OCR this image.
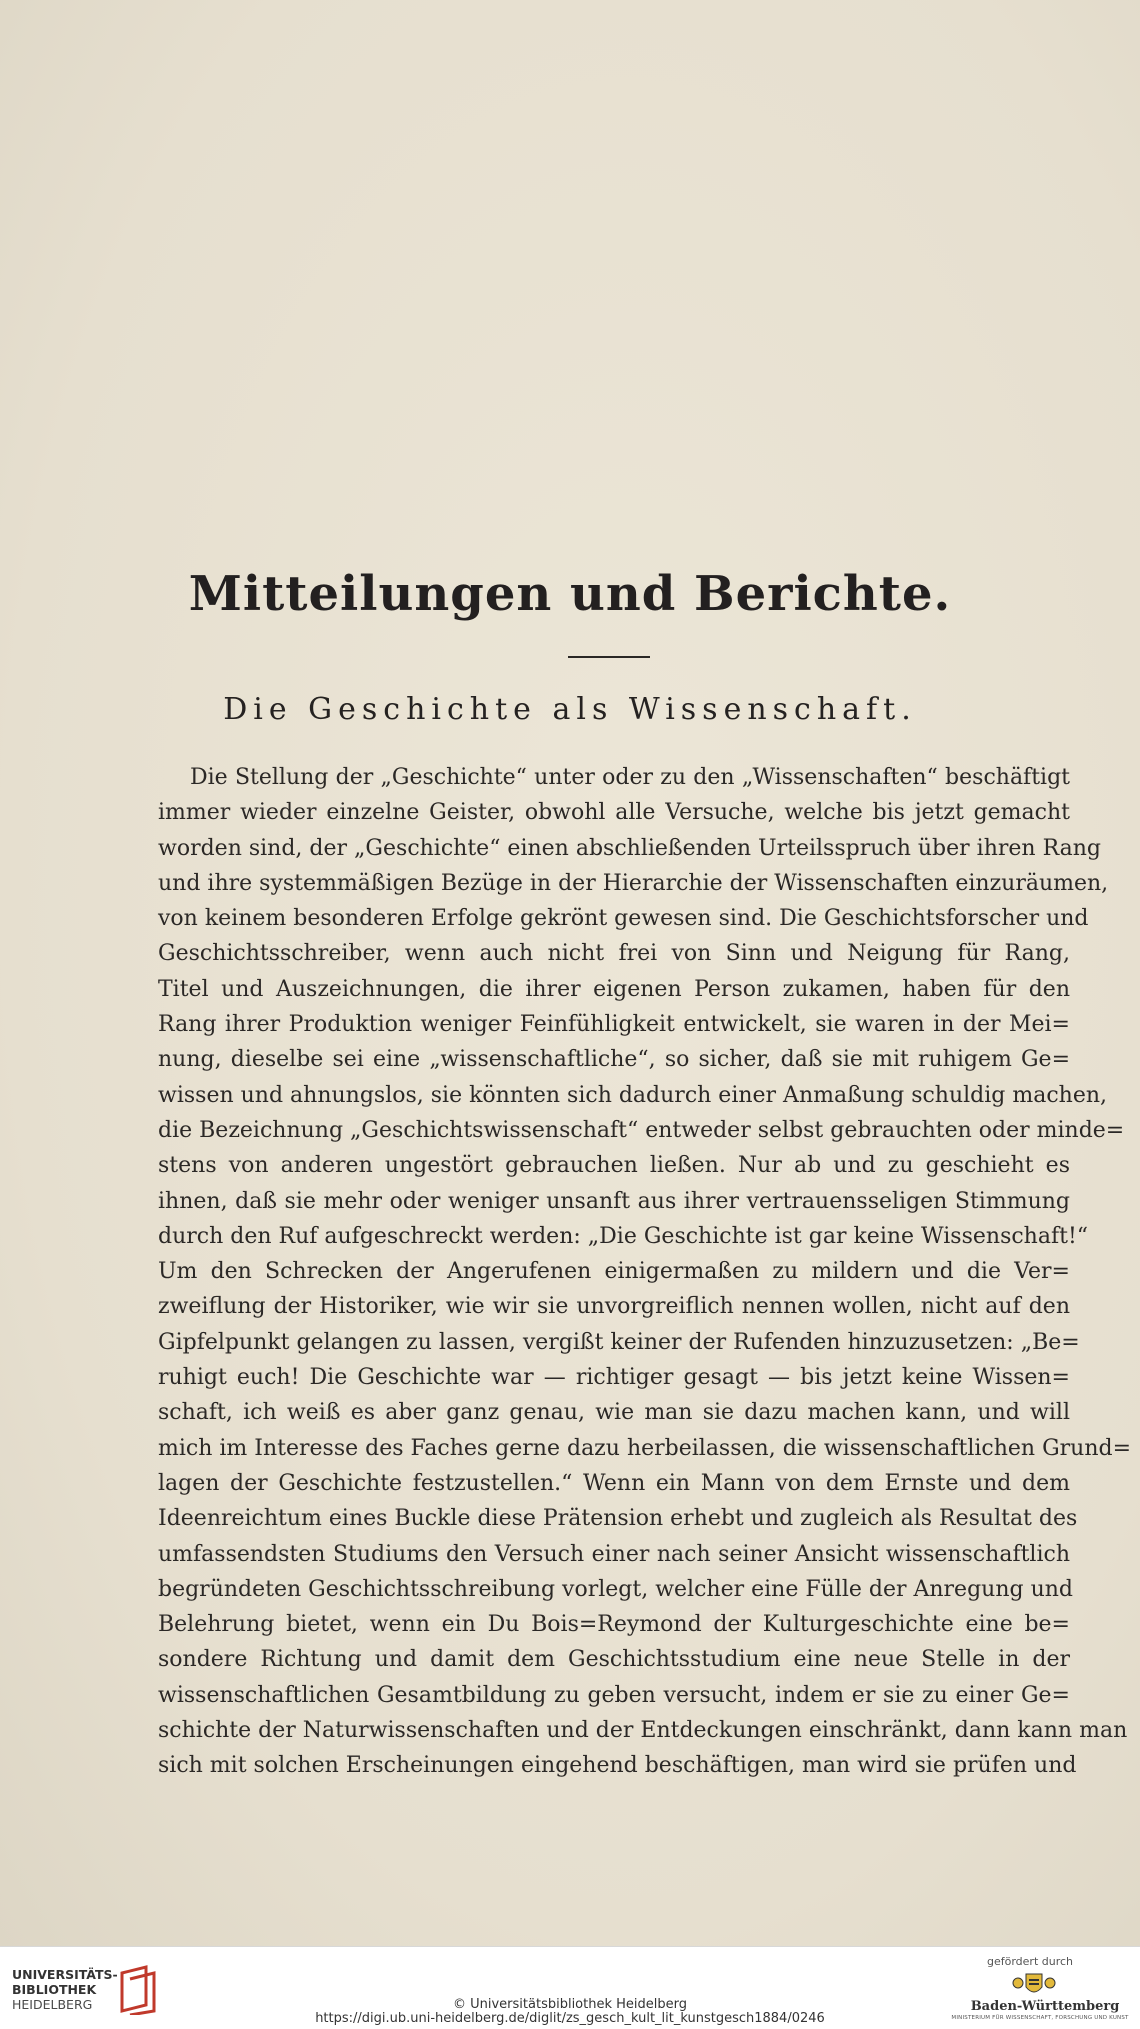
Mitteilungen und Berichte.
Die Geschichte als Wissenschaft.
Die Stellung der „Geschichte“ unter oder zu den „Wissenschaften“ beschäftigt
immer wieder einzelne Geister, obwohl alle Versuche, welche bis jetzt gemacht
worden sind, der „Geschichte“ einen abschließenden Urteilsspruch über ihren Rang
und ihre systemmäßigen Bezüge in der Hierarchie der Wissenschaften einzuräumen,
von keinem besonderen Erfolge gekrönt gewesen sind. Die Geschichtsforscher und
Geschichtsschreiber, wenn auch nicht frei von Sinn und Neigung für Rang,
Titel und Auszeichnungen, die ihrer eigenen Person zukamen, haben für den
Rang ihrer Produktion weniger Feinfühligkeit entwickelt, sie waren in der Mei=
nung, dieselbe sei eine „wissenschaftliche“, so sicher, daß sie mit ruhigem Ge=
wissen und ahnungslos, sie könnten sich dadurch einer Anmaßung schuldig machen,
die Bezeichnung „Geschichtswissenschaft“ entweder selbst gebrauchten oder minde=
stens von anderen ungestört gebrauchen ließen. Nur ab und zu geschieht es
ihnen, daß sie mehr oder weniger unsanft aus ihrer vertrauensseligen Stimmung
durch den Ruf aufgeschreckt werden: „Die Geschichte ist gar keine Wissenschaft!“
Um den Schrecken der Angerufenen einigermaßen zu mildern und die Ver=
zweiflung der Historiker, wie wir sie unvorgreiflich nennen wollen, nicht auf den
Gipfelpunkt gelangen zu lassen, vergißt keiner der Rufenden hinzuzusetzen: „Be=
ruhigt euch! Die Geschichte war — richtiger gesagt — bis jetzt keine Wissen=
schaft, ich weiß es aber ganz genau, wie man sie dazu machen kann, und will
mich im Interesse des Faches gerne dazu herbeilassen, die wissenschaftlichen Grund=
lagen der Geschichte festzustellen.“ Wenn ein Mann von dem Ernste und dem
Ideenreichtum eines Buckle diese Prätension erhebt und zugleich als Resultat des
umfassendsten Studiums den Versuch einer nach seiner Ansicht wissenschaftlich
begründeten Geschichtsschreibung vorlegt, welcher eine Fülle der Anregung und
Belehrung bietet, wenn ein Du Bois=Reymond der Kulturgeschichte eine be=
sondere Richtung und damit dem Geschichtsstudium eine neue Stelle in der
wissenschaftlichen Gesamtbildung zu geben versucht, indem er sie zu einer Ge=
schichte der Naturwissenschaften und der Entdeckungen einschränkt, dann kann man
sich mit solchen Erscheinungen eingehend beschäftigen, man wird sie prüfen und
UNIVERSITÄTS-
BIBLIOTHEK
HEIDELBERG	© Universitätsbibliothek Heidelberg
https://digi.ub.uni-heidelberg.de/diglit/zs_gesch_kult_lit_kunstgesch1884/0246
gefördert durch
Baden-Württemberg
MINISTERIUM FÜR WISSENSCHAFT, FORSCHUNG UND KUNST
